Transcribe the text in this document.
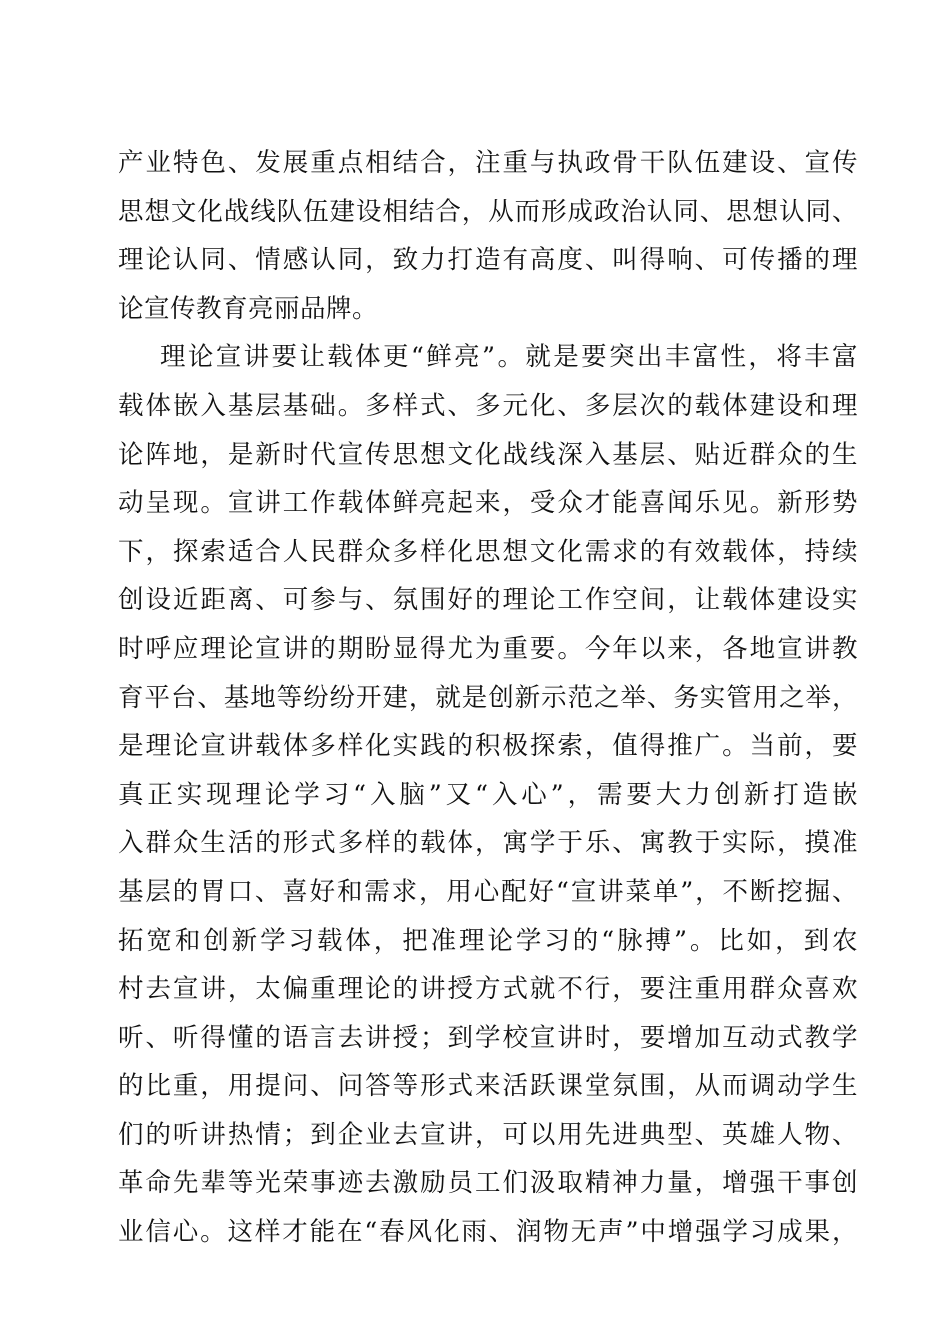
产业特色、发展重点相结合，注重与执政骨干队伍建设、宣传
思想文化战线队伍建设相结合，从而形成政治认同、思想认同、
理论认同、情感认同，致力打造有高度、叫得响、可传播的理
论宣传教育亮丽品牌。
理论宣讲要让载体更“鲜亮”。就是要突出丰富性，将丰富
载体嵌入基层基础。多样式、多元化、多层次的载体建设和理
论阵地，是新时代宣传思想文化战线深入基层、贴近群众的生
动呈现。宣讲工作载体鲜亮起来，受众才能喜闻乐见。新形势
下，探索适合人民群众多样化思想文化需求的有效载体，持续
创设近距离、可参与、氛围好的理论工作空间，让载体建设实
时呼应理论宣讲的期盼显得尤为重要。今年以来，各地宣讲教
育平台、基地等纷纷开建，就是创新示范之举、务实管用之举，
是理论宣讲载体多样化实践的积极探索，值得推广。当前，要
真正实现理论学习“入脑”又“入心”，需要大力创新打造嵌
入群众生活的形式多样的载体，寓学于乐、寓教于实际，摸准
基层的胃口、喜好和需求，用心配好“宣讲菜单”，不断挖掘、
拓宽和创新学习载体，把准理论学习的“脉搏”。比如，到农
村去宣讲，太偏重理论的讲授方式就不行，要注重用群众喜欢
听、听得懂的语言去讲授；到学校宣讲时，要增加互动式教学
的比重，用提问、问答等形式来活跃课堂氛围，从而调动学生
们的听讲热情；到企业去宣讲，可以用先进典型、英雄人物、
革命先辈等光荣事迹去激励员工们汲取精神力量，增强干事创
业信心。这样才能在“春风化雨、润物无声”中增强学习成果，
